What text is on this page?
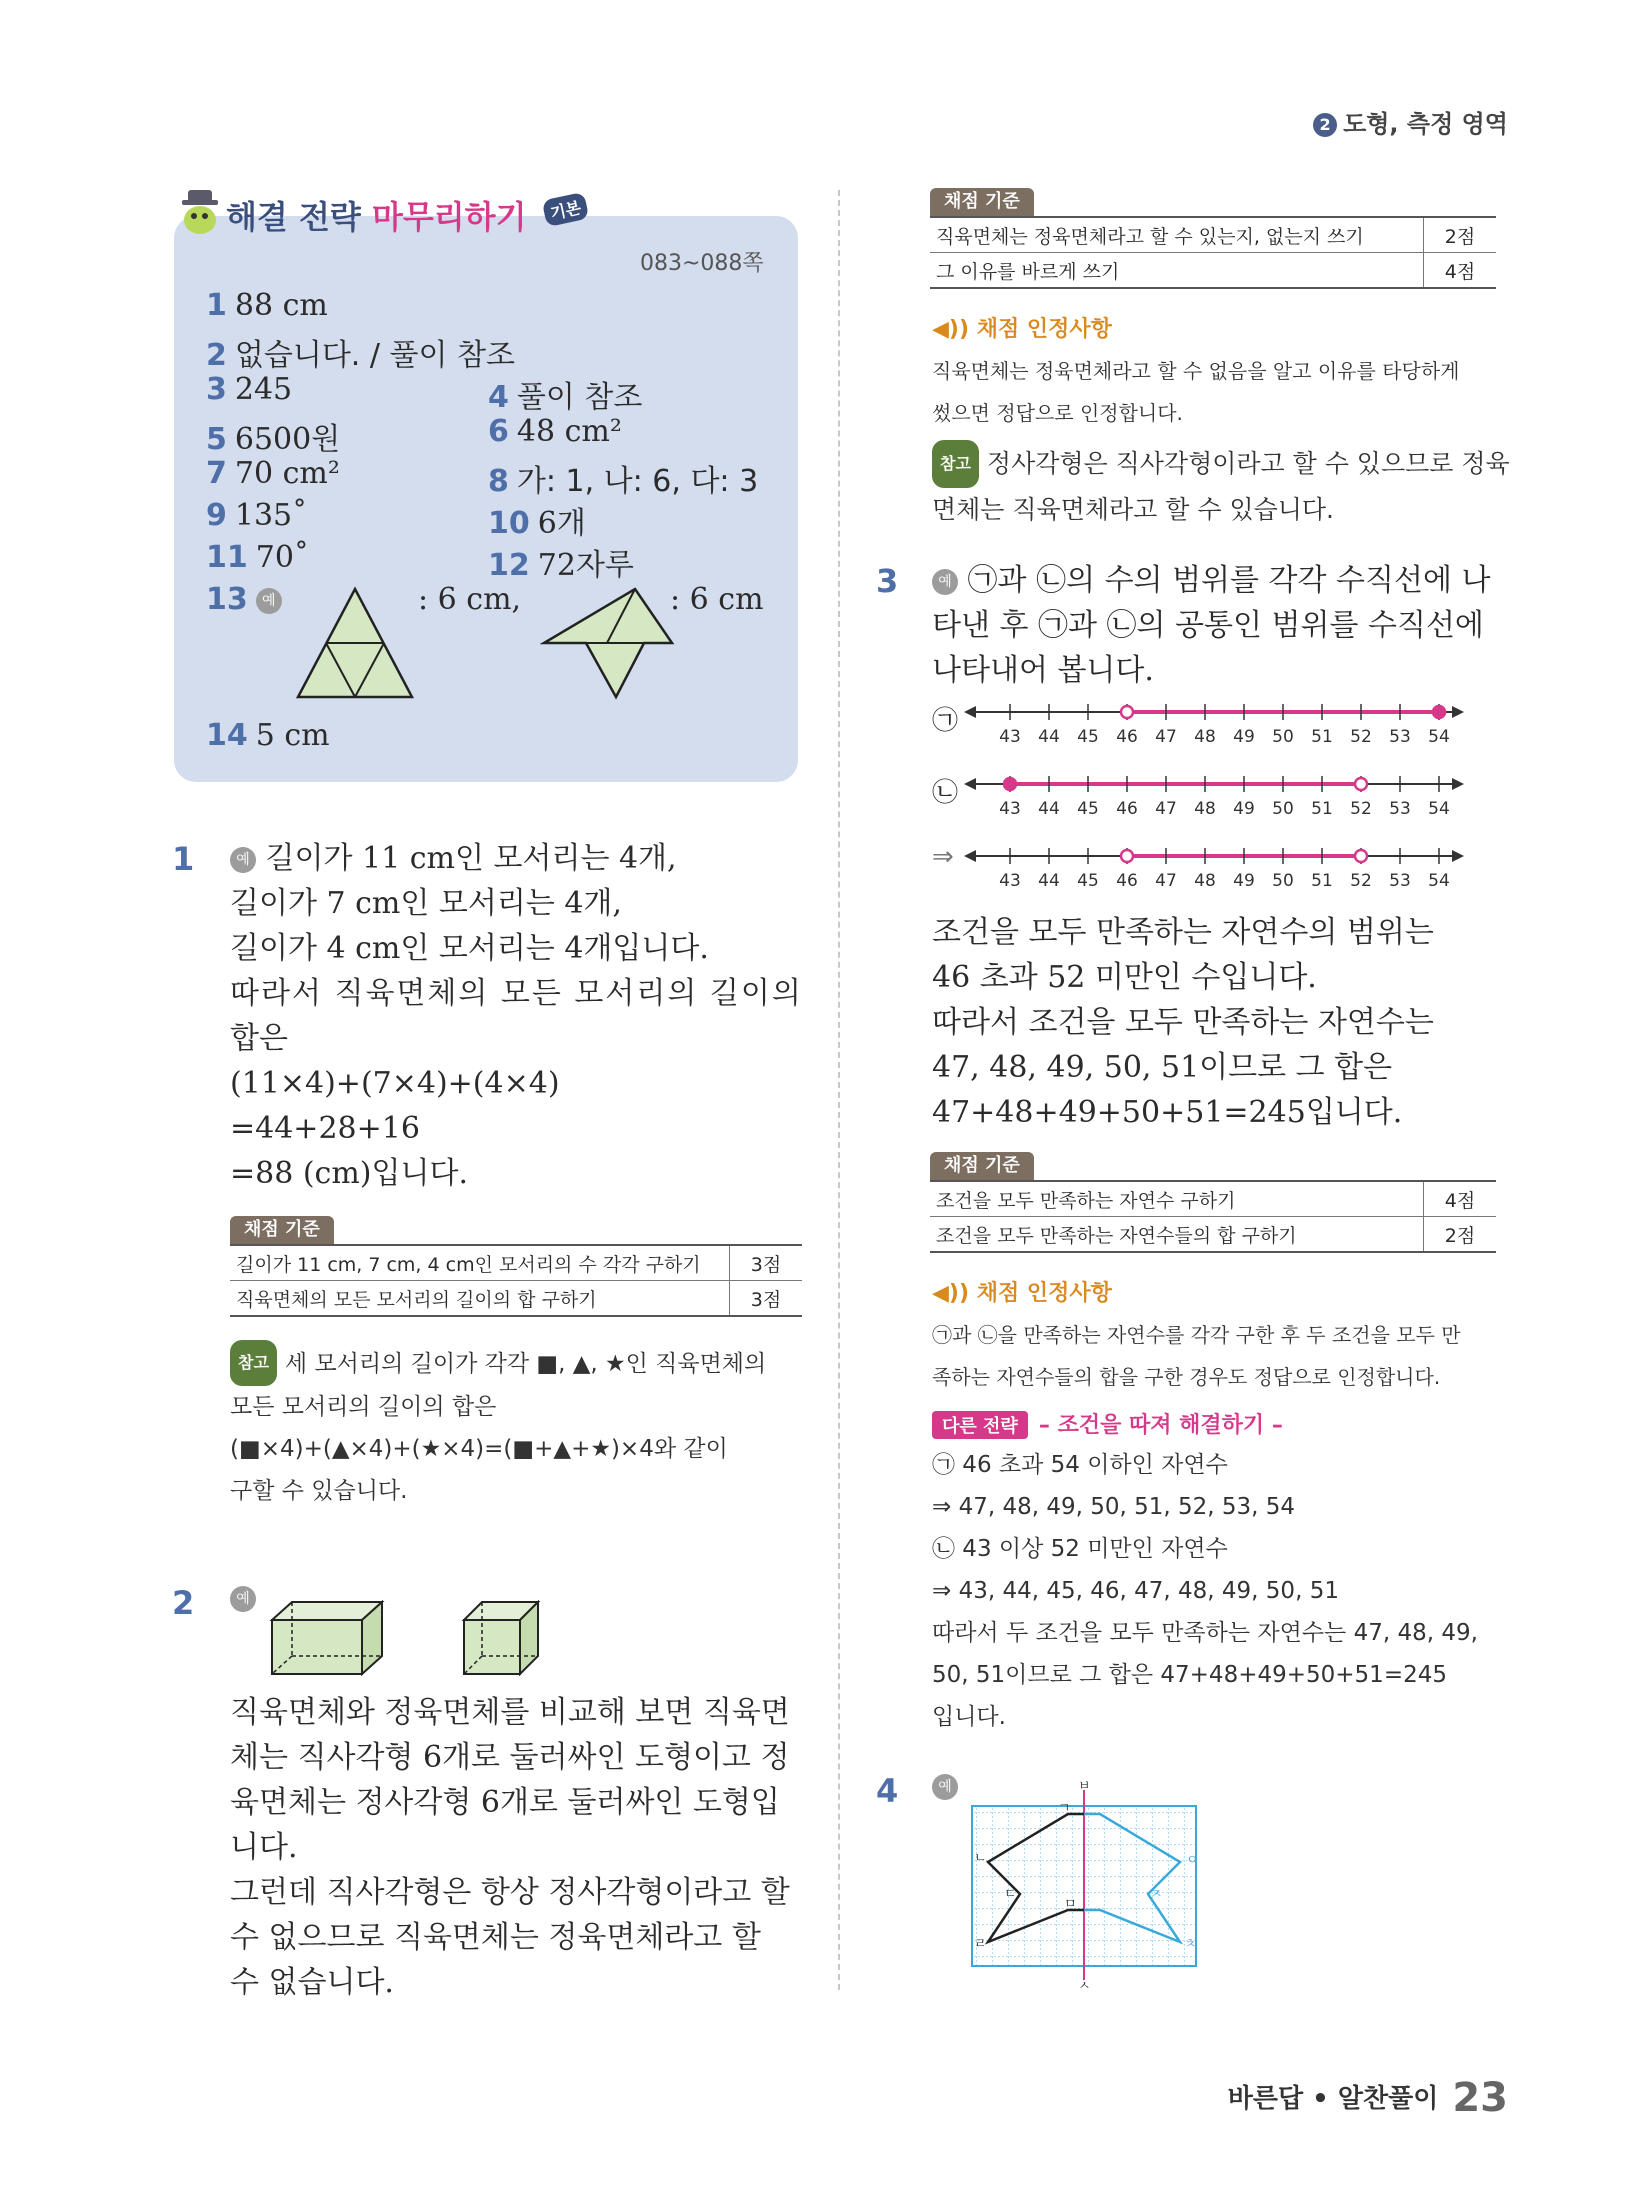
2 도형, 측정 영역
해결 전략 마무리하기 기본
083~088쪽
1 88 cm
2 없습니다. / 풀이 참조
3 245	4 풀이 참조
5 6500원	6 48 cm²
7 70 cm²	8 가: 1, 나: 6, 다: 3
9 135˚	10 6개
11 70˚	12 72자루
13 예	: 6 cm,	: 6 cm
14 5 cm
1	예 길이가 11 cm인 모서리는 4개,
길이가 7 cm인 모서리는 4개,
길이가 4 cm인 모서리는 4개입니다.
따라서 직육면체의 모든 모서리의 길이의
합은
(11×4)+(7×4)+(4×4)
=44+28+16
=88 (cm)입니다.
채점 기준
길이가 11 cm, 7 cm, 4 cm인 모서리의 수 각각 구하기	3점
직육면체의 모든 모서리의 길이의 합 구하기	3점
참고 세 모서리의 길이가 각각 ■, ▲, ★인 직육면체의
모든 모서리의 길이의 합은
(■×4)+(▲×4)+(★×4)=(■+▲+★)×4와 같이
구할 수 있습니다.
2	예
직육면체와 정육면체를 비교해 보면 직육면
체는 직사각형 6개로 둘러싸인 도형이고 정
육면체는 정사각형 6개로 둘러싸인 도형입
니다.
그런데 직사각형은 항상 정사각형이라고 할
수 없으므로 직육면체는 정육면체라고 할
수 없습니다.
채점 기준
직육면체는 정육면체라고 할 수 있는지, 없는지 쓰기	2점
그 이유를 바르게 쓰기	4점
◀)) 채점 인정사항
직육면체는 정육면체라고 할 수 없음을 알고 이유를 타당하게
썼으면 정답으로 인정합니다.
참고 정사각형은 직사각형이라고 할 수 있으므로 정육
면체는 직육면체라고 할 수 있습니다.
3	예 ㉠과 ㉡의 수의 범위를 각각 수직선에 나
타낸 후 ㉠과 ㉡의 공통인 범위를 수직선에
나타내어 봅니다.
㉠
㉡
⇒
43 44 45 46 47 48 49 50 51 52 53 54
43 44 45 46 47 48 49 50 51 52 53 54
43 44 45 46 47 48 49 50 51 52 53 54
조건을 모두 만족하는 자연수의 범위는
46 초과 52 미만인 수입니다.
따라서 조건을 모두 만족하는 자연수는
47, 48, 49, 50, 51이므로 그 합은
47+48+49+50+51=245입니다.
채점 기준
조건을 모두 만족하는 자연수 구하기	4점
조건을 모두 만족하는 자연수들의 합 구하기	2점
◀)) 채점 인정사항
㉠과 ㉡을 만족하는 자연수를 각각 구한 후 두 조건을 모두 만
족하는 자연수들의 합을 구한 경우도 정답으로 인정합니다.
다른 전략 – 조건을 따져 해결하기 –
㉠ 46 초과 54 이하인 자연수
⇒ 47, 48, 49, 50, 51, 52, 53, 54
㉡ 43 이상 52 미만인 자연수
⇒ 43, 44, 45, 46, 47, 48, 49, 50, 51
따라서 두 조건을 모두 만족하는 자연수는 47, 48, 49,
50, 51이므로 그 합은 47+48+49+50+51=245
입니다.
4	예	ㅂ
ㅅ
ㄱ
ㄴ
ㄷ
ㄹ
ㅁ
ㅇ
ㅈ
ㅊ
바른답 • 알찬풀이 23
